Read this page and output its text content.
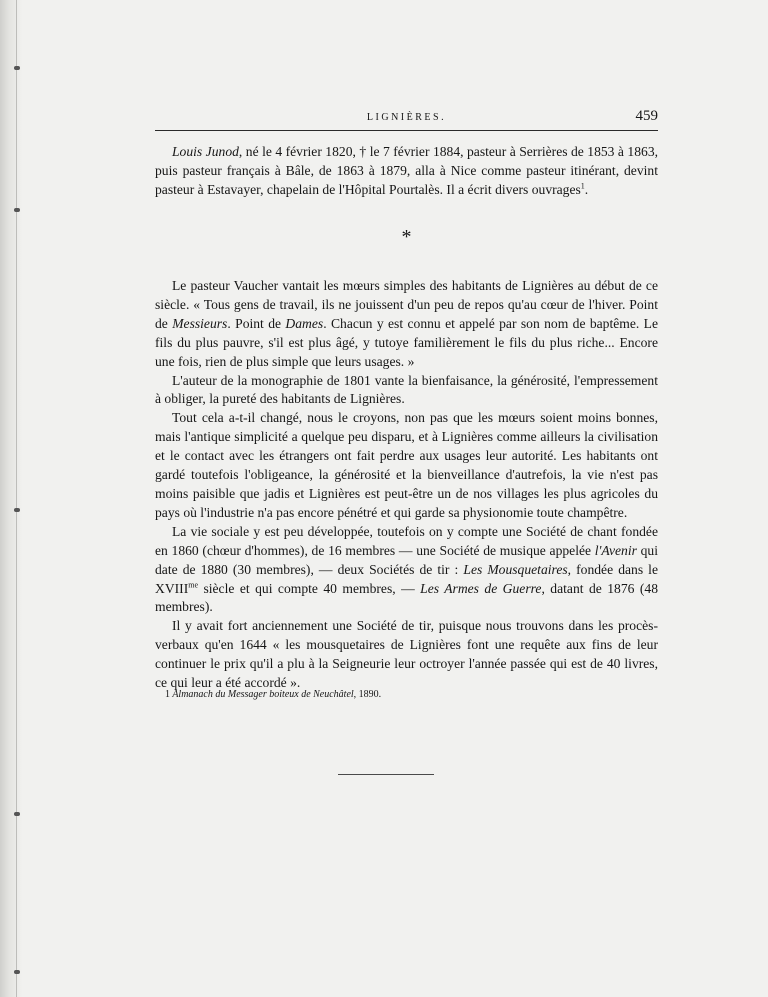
LIGNIÈRES.	459

Louis Junod, né le 4 février 1820, † le 7 février 1884, pasteur à Serrières de 1853 à 1863, puis pasteur français à Bâle, de 1863 à 1879, alla à Nice comme pasteur itinérant, devint pasteur à Estavayer, chapelain de l'Hôpital Pourtalès. Il a écrit divers ouvrages$^1$.

*

Le pasteur Vaucher vantait les mœurs simples des habitants de Lignières au début de ce siècle. « Tous gens de travail, ils ne jouissent d'un peu de repos qu'au cœur de l'hiver. Point de Messieurs. Point de Dames. Chacun y est connu et appelé par son nom de baptême. Le fils du plus pauvre, s'il est plus âgé, y tutoye familièrement le fils du plus riche... Encore une fois, rien de plus simple que leurs usages. »

L'auteur de la monographie de 1801 vante la bienfaisance, la générosité, l'empressement à obliger, la pureté des habitants de Lignières.

Tout cela a-t-il changé, nous le croyons, non pas que les mœurs soient moins bonnes, mais l'antique simplicité a quelque peu disparu, et à Lignières comme ailleurs la civilisation et le contact avec les étrangers ont fait perdre aux usages leur autorité. Les habitants ont gardé toutefois l'obligeance, la générosité et la bienveillance d'autrefois, la vie n'est pas moins paisible que jadis et Lignières est peut-être un de nos villages les plus agricoles du pays où l'industrie n'a pas encore pénétré et qui garde sa physionomie toute champêtre.

La vie sociale y est peu développée, toutefois on y compte une Société de chant fondée en 1860 (chœur d'hommes), de 16 membres — une Société de musique appelée l'Avenir qui date de 1880 (30 membres), — deux Sociétés de tir : Les Mousquetaires, fondée dans le $XVIII^{me}$ siècle et qui compte 40 membres, — Les Armes de Guerre, datant de 1876 (48 membres).

Il y avait fort anciennement une Société de tir, puisque nous trouvons dans les procès-verbaux qu'en 1644 « les mousquetaires de Lignières font une requête aux fins de leur continuer le prix qu'il a plu à la Seigneurie leur octroyer l'année passée qui est de 40 livres, ce qui leur a été accordé ».

1 Almanach du Messager boiteux de Neuchâtel, 1890.
